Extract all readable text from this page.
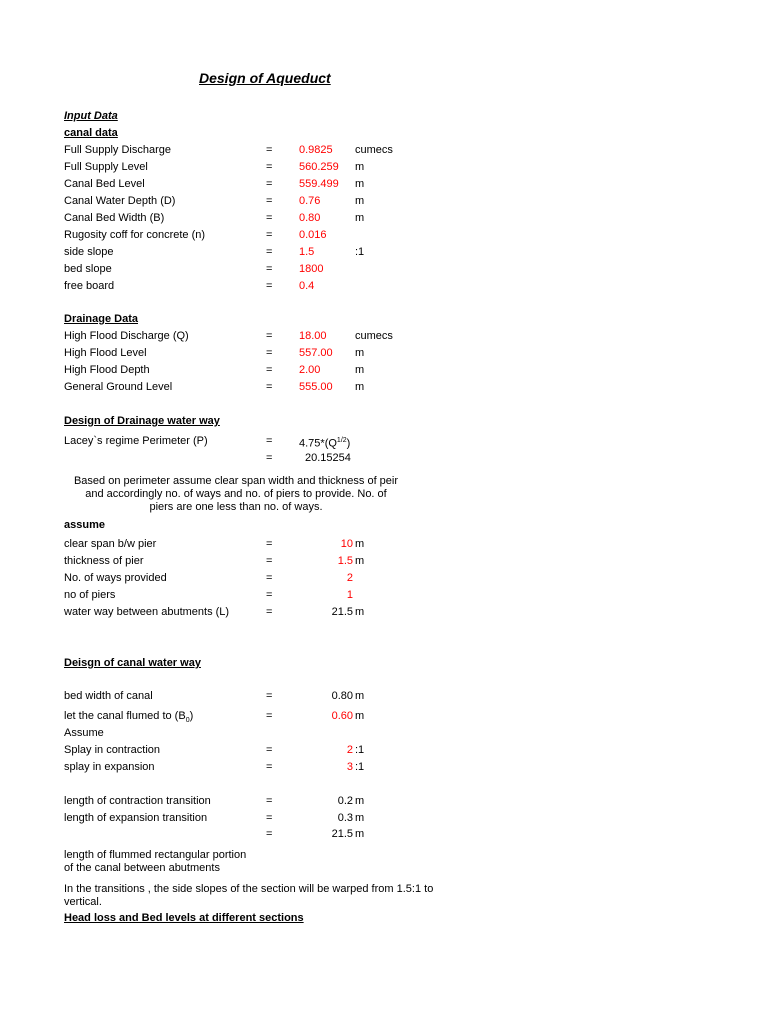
Design of Aqueduct
Input Data
canal data
Full Supply Discharge	= 0.9825 cumecs
Full Supply Level	= 560.259 m
Canal Bed Level	= 559.499 m
Canal Water Depth (D)	= 0.76	m
Canal Bed Width (B)	= 0.80	m
Rugosity coff for concrete (n)	= 0.016
side slope	= 1.5	:1
bed slope	= 1800
free board	= 0.4
Drainage Data
High Flood Discharge (Q)	= 18.00	cumecs
High Flood Level	= 557.00 m
High Flood Depth	= 2.00	m
General Ground Level	= 555.00 m
Design of Drainage water way
Lacey`s regime Perimeter (P)	= $4.75*(Q^{1/2})$
=	20.15254
Based on perimeter assume clear span width and thickness of peir
and accordingly no. of ways and no. of piers to provide. No. of
piers are one less than no. of ways.
assume
clear span b/w pier	=	10 m
thickness of pier	=	1.5 m
No. of ways provided	=	2
no of piers	=	1
water way between abutments (L)	=	21.5 m
Deisgn of canal water way
bed width of canal	=	0.80 m
let the canal flumed to $(B_0)$	=	0.60 m
Assume
Splay in contraction	=	2 :1
splay in expansion	=	3 :1
length of contraction transition	=	0.2 m
length of expansion transition	=	0.3 m
=	21.5 m
length of flummed rectangular portion
of the canal between abutments
In the transitions , the side slopes of the section will be warped from 1.5:1 to
vertical.
Head loss and Bed levels at different sections
